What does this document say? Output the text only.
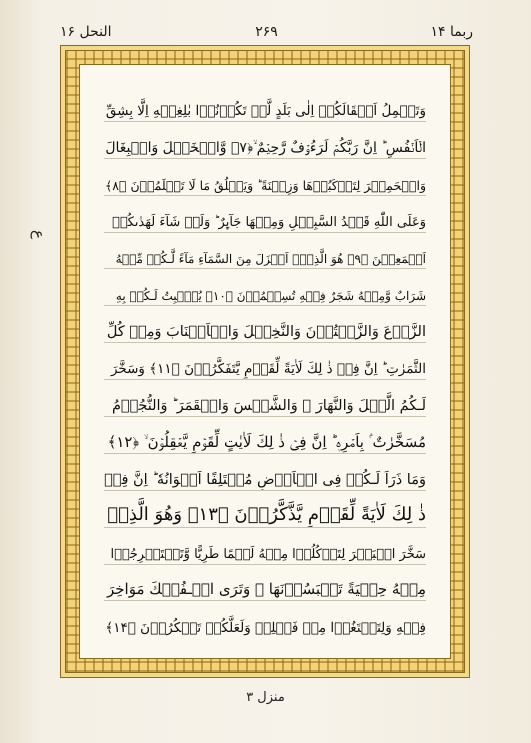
ربما ۱۴
۲۶۹
النحل ۱۶
ع
وَتَحۡمِلُ اَثۡقَالَكُمۡ اِلٰی بَلَدٍ لَّمۡ تَكُوۡنُوۡا بٰلِغِيۡهِ اِلَّا بِشِقِّ
الۡاَنۡفُسِ ؕ اِنَّ رَبَّكُمۡ لَرَءُوۡفٌ رَّحِيۡمٌ ۙ‏﴿۷﴾ وَّالۡخَيۡلَ وَالۡبِغَالَ
وَالۡحَمِيۡرَ لِتَرۡكَبُوۡهَا وَزِيۡنَةً ؕ وَيَخۡلُقُ مَا لَا تَعۡلَمُوۡنَ ‏﴿۸﴾
وَعَلَى اللّٰهِ قَصۡدُ السَّبِيۡلِ وَمِنۡهَا جَآٮِٕرٌ ؕ وَلَوۡ شَآءَ لَهَدٰٮكُمۡ
اَجۡمَعِيۡنَ ‏﴿۹﴾ هُوَ الَّذِىۡۤ اَنۡزَلَ مِنَ السَّمَآءِ مَآءً لَّـكُمۡ مِّنۡهُ
شَرَابٌ وَّمِنۡهُ شَجَرٌ فِيۡهِ تُسِيۡمُوۡنَ‏ ﴿۱۰﴾ يُنۡۢبِتُ لَـكُمۡ بِهِ
الزَّرۡعَ وَالزَّيۡتُوۡنَ وَالنَّخِيۡلَ وَالۡاَعۡنَابَ وَمِنۡ كُلِّ
الثَّمَرٰتِ ؕ اِنَّ فِىۡ ذٰ لِكَ لَاٰيَةً لِّقَوۡمٍ يَّتَفَكَّرُوۡنَ‏ ﴿۱۱﴾ وَسَخَّرَ
لَـكُمُ الَّيۡلَ وَالنَّهَارَ ۙ وَالشَّمۡسَ وَالۡقَمَرَ ؕ وَالنُّجُوۡمُ
مُسَخَّرٰتٌ ۢ بِاَمۡرِهٖ ؕ اِنَّ فِىۡ ذٰ لِكَ لَاٰيٰتٍ لِّقَوۡمٍ يَّعۡقِلُوۡنَ ۙ‏ ﴿۱۲﴾
وَمَا ذَرَاَ لَـكُمۡ فِى الۡاَرۡضِ مُخۡتَلِفًا اَلۡوَانُهٗ ؕ اِنَّ فِىۡ
ذٰ لِكَ لَاٰيَةً لِّقَوۡمٍ يَّذَّكَّرُوۡنَ‏ ﴿۱۳﴾ وَهُوَ الَّذِىۡ
سَخَّرَ الۡبَحۡرَ لِتَاۡكُلُوۡا مِنۡهُ لَحۡمًا طَرِيًّا وَّتَسۡتَخۡرِجُوۡا
مِنۡهُ حِلۡيَةً تَلۡبَسُوۡنَهَا ۚ وَتَرَى الۡـفُلۡكَ مَوَاخِرَ
فِيۡهِ وَلِتَبۡتَغُوۡا مِنۡ فَضۡلِهٖ وَلَعَلَّكُمۡ تَشۡكُرُوۡنَ‏ ﴿۱۴﴾
منزل ۳
